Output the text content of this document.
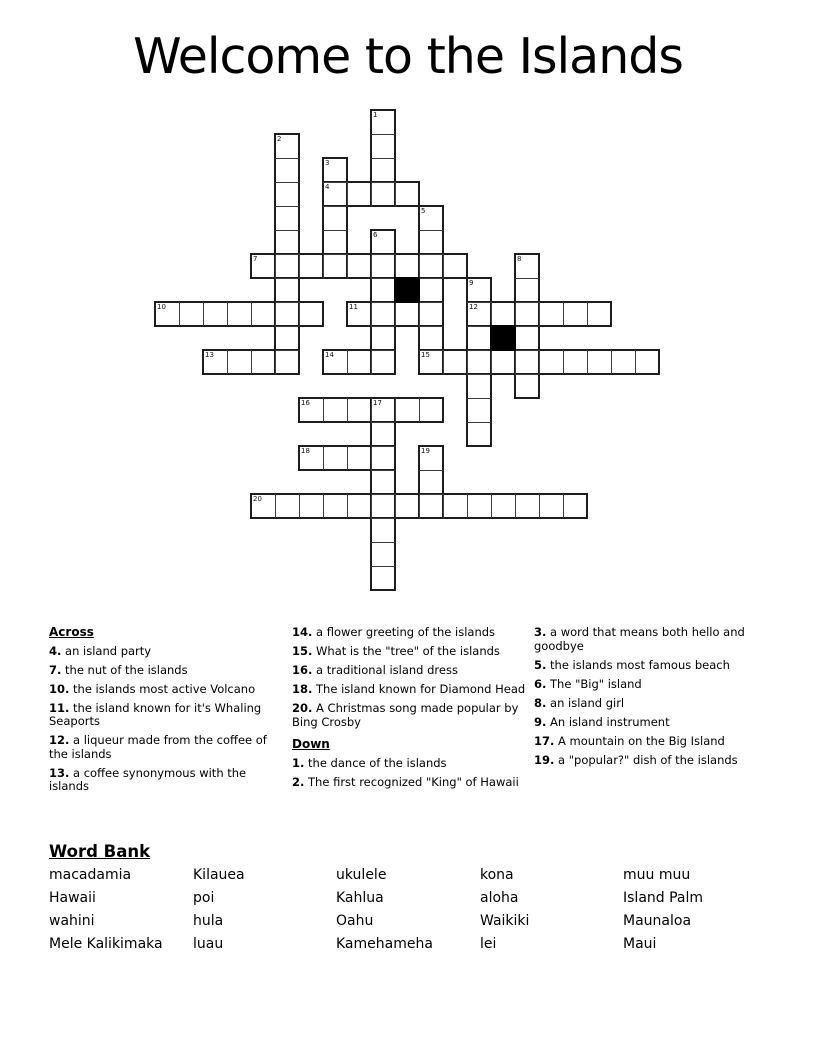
Welcome to the Islands
1
2
3
4
5
6
7	8
9
10	11	12
13	14	15
16	17
18	19
20
Across
4. an island party
7. the nut of the islands
10. the islands most active Volcano
11. the island known for it's Whaling Seaports
12. a liqueur made from the coffee of the islands
13. a coffee synonymous with the islands
14. a flower greeting of the islands
15. What is the "tree" of the islands
16. a traditional island dress
18. The island known for Diamond Head
20. A Christmas song made popular by Bing Crosby
Down
1. the dance of the islands
2. The first recognized "King" of Hawaii
3. a word that means both hello and goodbye
5. the islands most famous beach
6. The "Big" island
8. an island girl
9. An island instrument
17. A mountain on the Big Island
19. a "popular?" dish of the islands
Word Bank
macadamia
Hawaii
wahini
Mele Kalikimaka
Kilauea
poi
hula
luau
ukulele
Kahlua
Oahu
Kamehameha
kona
aloha
Waikiki
lei
muu muu
Island Palm
Maunaloa
Maui
